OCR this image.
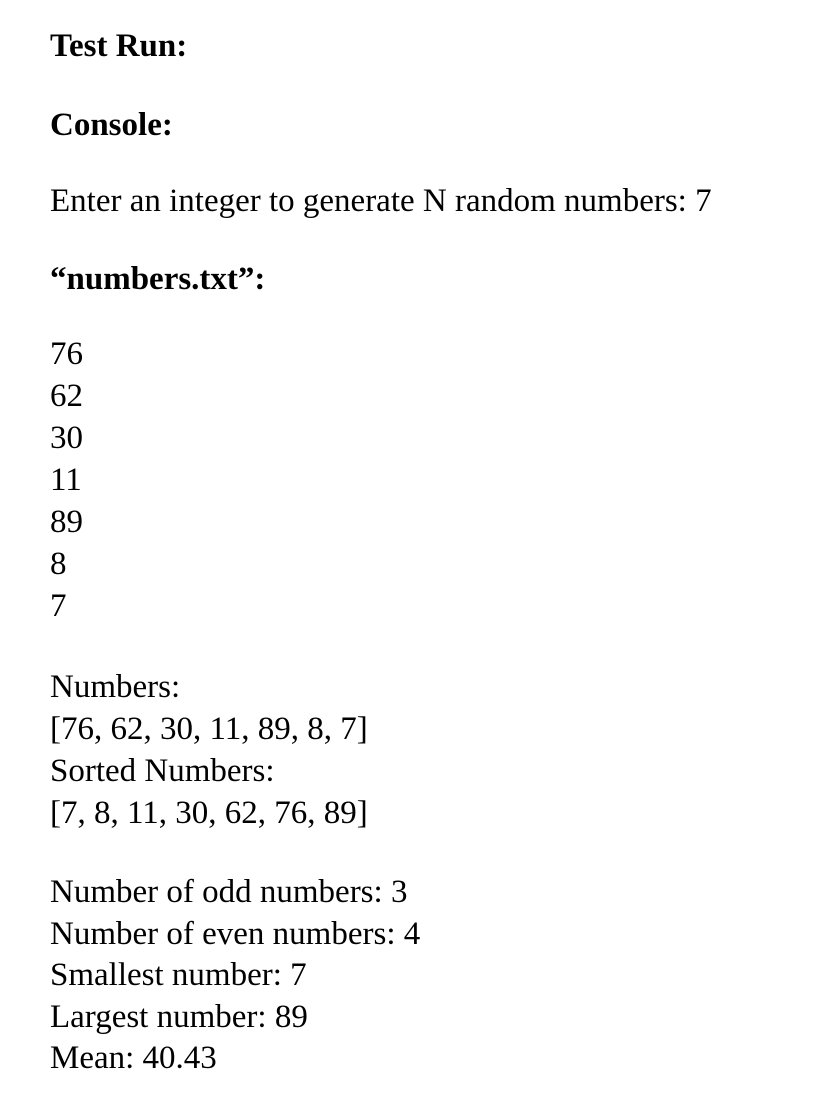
Test Run:
Console:
Enter an integer to generate N random numbers: 7
“numbers.txt”:
76
62
30
11
89
8
7
Numbers:
[76, 62, 30, 11, 89, 8, 7]
Sorted Numbers:
[7, 8, 11, 30, 62, 76, 89]
Number of odd numbers: 3
Number of even numbers: 4
Smallest number: 7
Largest number: 89
Mean: 40.43
